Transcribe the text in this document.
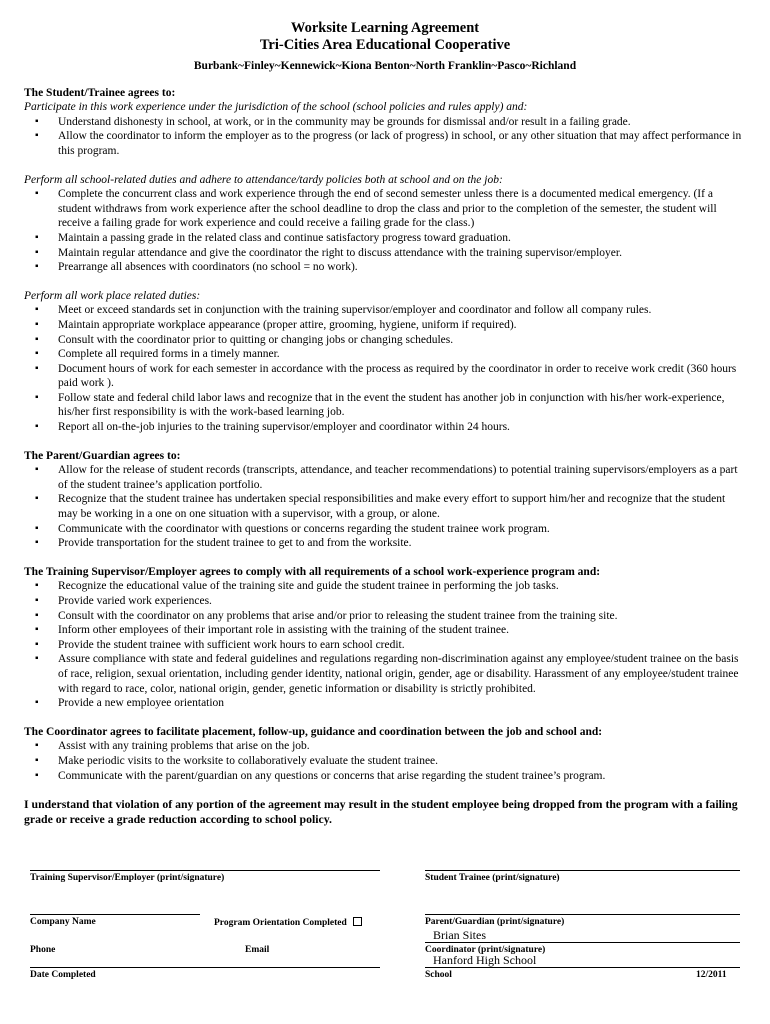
Worksite Learning Agreement
Tri-Cities Area Educational Cooperative
Burbank~Finley~Kennewick~Kiona Benton~North Franklin~Pasco~Richland
The Student/Trainee agrees to:
Participate in this work experience under the jurisdiction of the school (school policies and rules apply) and:
▪ Understand dishonesty in school, at work, or in the community may be grounds for dismissal and/or result in a failing grade.
▪ Allow the coordinator to inform the employer as to the progress (or lack of progress) in school, or any other situation that may affect performance in this program.
Perform all school-related duties and adhere to attendance/tardy policies both at school and on the job:
▪ Complete the concurrent class and work experience through the end of second semester unless there is a documented medical emergency. (If a student withdraws from work experience after the school deadline to drop the class and prior to the completion of the semester, the student will receive a failing grade for work experience and could receive a failing grade for the class.)
▪ Maintain a passing grade in the related class and continue satisfactory progress toward graduation.
▪ Maintain regular attendance and give the coordinator the right to discuss attendance with the training supervisor/employer.
▪ Prearrange all absences with coordinators (no school = no work).
Perform all work place related duties:
▪ Meet or exceed standards set in conjunction with the training supervisor/employer and coordinator and follow all company rules.
▪ Maintain appropriate workplace appearance (proper attire, grooming, hygiene, uniform if required).
▪ Consult with the coordinator prior to quitting or changing jobs or changing schedules.
▪ Complete all required forms in a timely manner.
▪ Document hours of work for each semester in accordance with the process as required by the coordinator in order to receive work credit (360 hours paid work ).
▪ Follow state and federal child labor laws and recognize that in the event the student has another job in conjunction with his/her work-experience, his/her first responsibility is with the work-based learning job.
▪ Report all on-the-job injuries to the training supervisor/employer and coordinator within 24 hours.
The Parent/Guardian agrees to:
▪ Allow for the release of student records (transcripts, attendance, and teacher recommendations) to potential training supervisors/employers as a part of the student trainee’s application portfolio.
▪ Recognize that the student trainee has undertaken special responsibilities and make every effort to support him/her and recognize that the student may be working in a one on one situation with a supervisor, with a group, or alone.
▪ Communicate with the coordinator with questions or concerns regarding the student trainee work program.
▪ Provide transportation for the student trainee to get to and from the worksite.
The Training Supervisor/Employer agrees to comply with all requirements of a school work-experience program and:
▪ Recognize the educational value of the training site and guide the student trainee in performing the job tasks.
▪ Provide varied work experiences.
▪ Consult with the coordinator on any problems that arise and/or prior to releasing the student trainee from the training site.
▪ Inform other employees of their important role in assisting with the training of the student trainee.
▪ Provide the student trainee with sufficient work hours to earn school credit.
▪ Assure compliance with state and federal guidelines and regulations regarding non-discrimination against any employee/student trainee on the basis of race, religion, sexual orientation, including gender identity, national origin, gender, age or disability. Harassment of any employee/student trainee with regard to race, color, national origin, gender, genetic information or disability is strictly prohibited.
▪ Provide a new employee orientation
The Coordinator agrees to facilitate placement, follow-up, guidance and coordination between the job and school and:
▪ Assist with any training problems that arise on the job.
▪ Make periodic visits to the worksite to collaboratively evaluate the student trainee.
▪ Communicate with the parent/guardian on any questions or concerns that arise regarding the student trainee’s program.
I understand that violation of any portion of the agreement may result in the student employee being dropped from the program with a failing grade or receive a grade reduction according to school policy.
Training Supervisor/Employer (print/signature)	Student Trainee (print/signature)
Company Name	Program Orientation Completed	Parent/Guardian (print/signature)
Brian Sites
Phone	Email	Coordinator (print/signature)
Hanford High School
Date Completed	School	12/2011
